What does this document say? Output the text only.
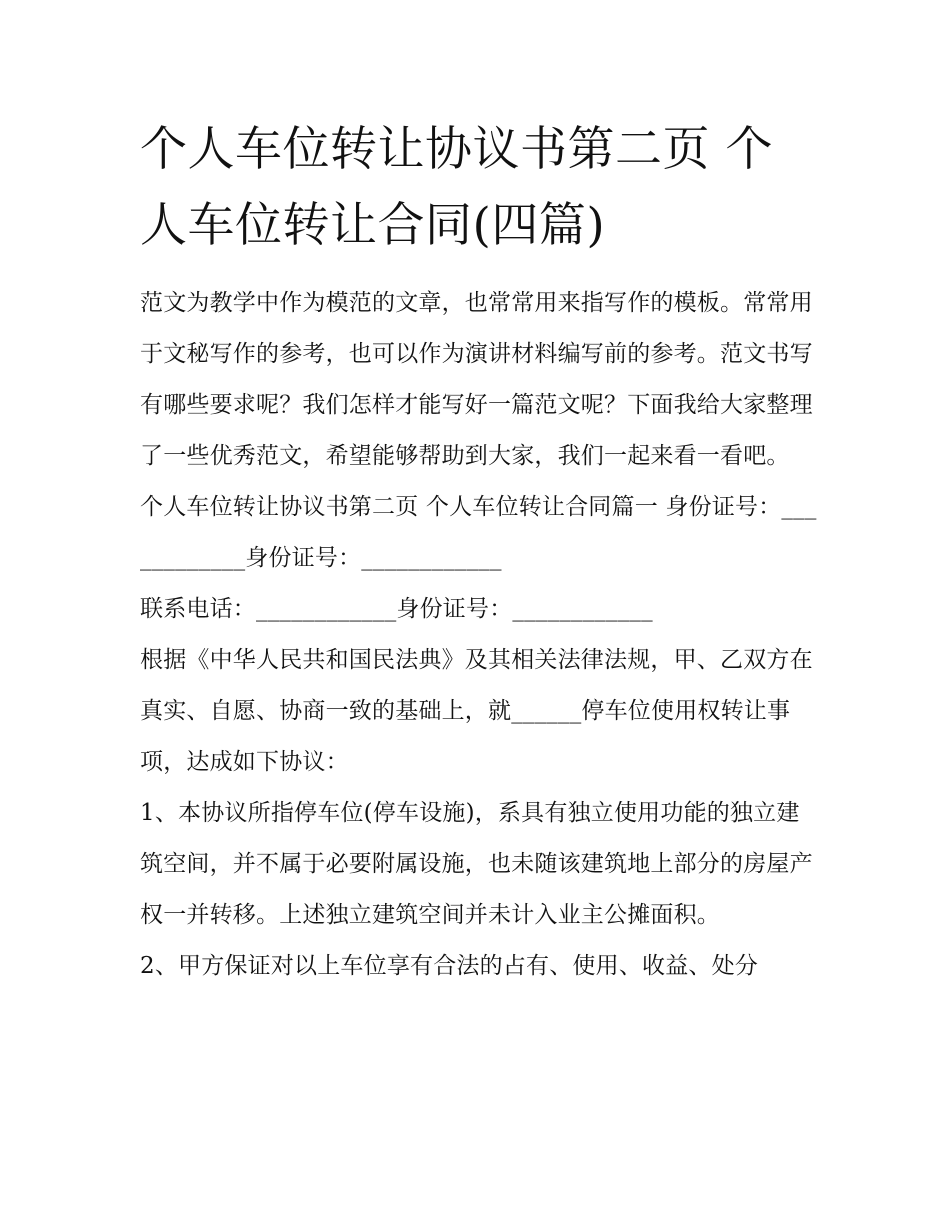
个人车位转让协议书第二页 个人车位转让合同(四篇)

范文为教学中作为模范的文章，也常常用来指写作的模板。常常用于文秘写作的参考，也可以作为演讲材料编写前的参考。范文书写有哪些要求呢？我们怎样才能写好一篇范文呢？下面我给大家整理了一些优秀范文，希望能够帮助到大家，我们一起来看一看吧。

个人车位转让协议书第二页 个人车位转让合同篇一 身份证号：____________身份证号：____________

联系电话：____________身份证号：____________

根据《中华人民共和国民法典》及其相关法律法规，甲、乙双方在真实、自愿、协商一致的基础上，就______停车位使用权转让事项，达成如下协议：

1、本协议所指停车位(停车设施)，系具有独立使用功能的独立建筑空间，并不属于必要附属设施，也未随该建筑地上部分的房屋产权一并转移。上述独立建筑空间并未计入业主公摊面积。

2、甲方保证对以上车位享有合法的占有、使用、收益、处分
